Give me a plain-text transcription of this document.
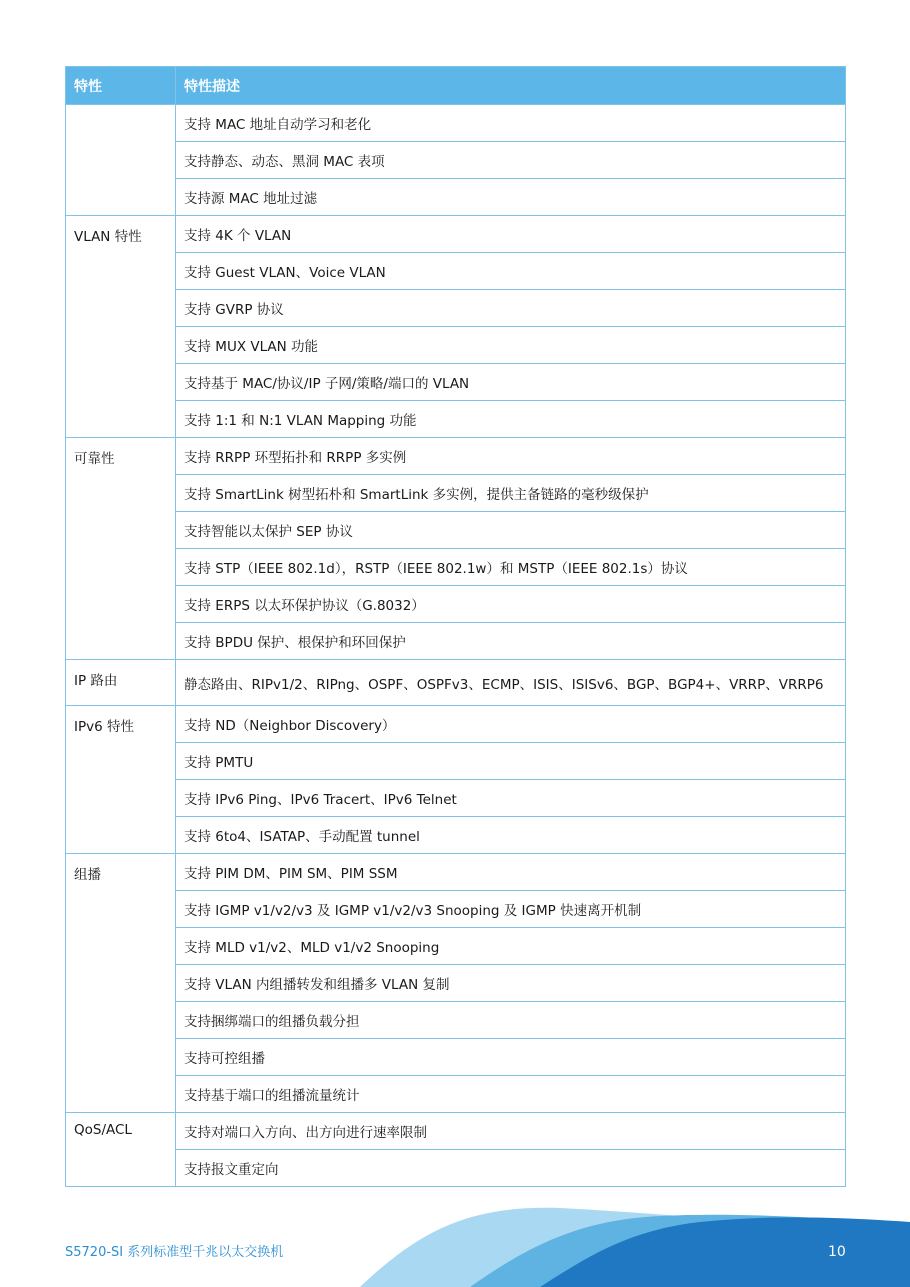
特性	特性描述
	支持 MAC 地址自动学习和老化
	支持静态、动态、黑洞 MAC 表项
	支持源 MAC 地址过滤
VLAN 特性	支持 4K 个 VLAN
	支持 Guest VLAN、Voice VLAN
	支持 GVRP 协议
	支持 MUX VLAN 功能
	支持基于 MAC/协议/IP 子网/策略/端口的 VLAN
	支持 1:1 和 N:1 VLAN Mapping 功能
可靠性	支持 RRPP 环型拓扑和 RRPP 多实例
	支持 SmartLink 树型拓朴和 SmartLink 多实例，提供主备链路的毫秒级保护
	支持智能以太保护 SEP 协议
	支持 STP（IEEE 802.1d），RSTP（IEEE 802.1w）和 MSTP（IEEE 802.1s）协议
	支持 ERPS 以太环保护协议（G.8032）
	支持 BPDU 保护、根保护和环回保护
IP 路由	静态路由、RIPv1/2、RIPng、OSPF、OSPFv3、ECMP、ISIS、ISISv6、BGP、BGP4+、VRRP、VRRP6
IPv6 特性	支持 ND（Neighbor Discovery）
	支持 PMTU
	支持 IPv6 Ping、IPv6 Tracert、IPv6 Telnet
	支持 6to4、ISATAP、手动配置 tunnel
组播	支持 PIM DM、PIM SM、PIM SSM
	支持 IGMP v1/v2/v3 及 IGMP v1/v2/v3 Snooping 及 IGMP 快速离开机制
	支持 MLD v1/v2、MLD v1/v2 Snooping
	支持 VLAN 内组播转发和组播多 VLAN 复制
	支持捆绑端口的组播负载分担
	支持可控组播
	支持基于端口的组播流量统计
QoS/ACL	支持对端口入方向、出方向进行速率限制
	支持报文重定向
S5720-SI 系列标准型千兆以太交换机	10
